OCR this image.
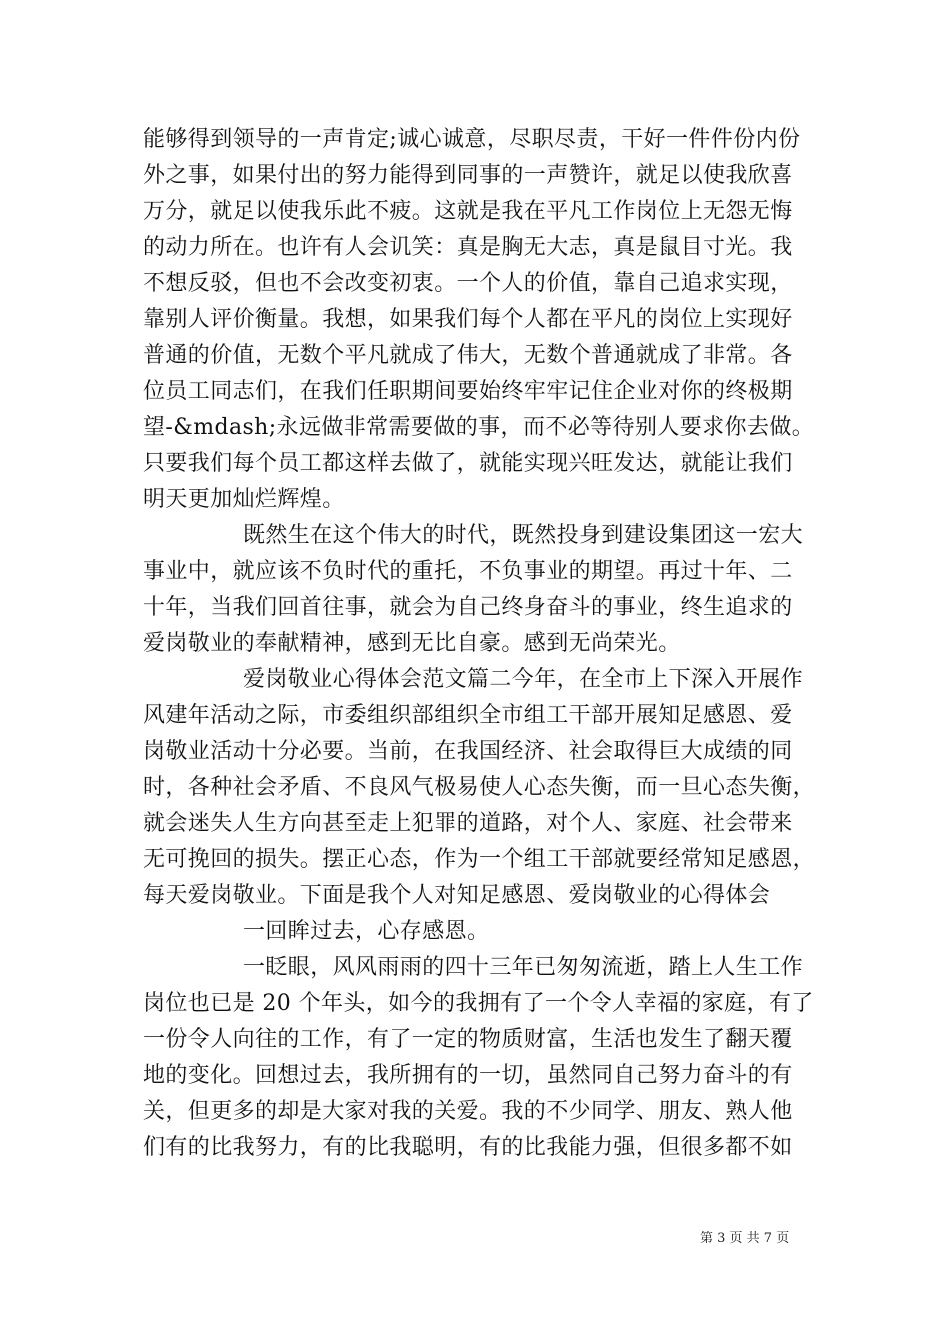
能够得到领导的一声肯定;诚心诚意，尽职尽责，干好一件件份内份
外之事，如果付出的努力能得到同事的一声赞许，就足以使我欣喜
万分，就足以使我乐此不疲。这就是我在平凡工作岗位上无怨无悔
的动力所在。也许有人会讥笑：真是胸无大志，真是鼠目寸光。我
不想反驳，但也不会改变初衷。一个人的价值，靠自己追求实现，
靠别人评价衡量。我想，如果我们每个人都在平凡的岗位上实现好
普通的价值，无数个平凡就成了伟大，无数个普通就成了非常。各
位员工同志们，在我们任职期间要始终牢牢记住企业对你的终极期
望-&mdash;永远做非常需要做的事，而不必等待别人要求你去做。
只要我们每个员工都这样去做了，就能实现兴旺发达，就能让我们
明天更加灿烂辉煌。
既然生在这个伟大的时代，既然投身到建设集团这一宏大
事业中，就应该不负时代的重托，不负事业的期望。再过十年、二
十年，当我们回首往事，就会为自己终身奋斗的事业，终生追求的
爱岗敬业的奉献精神，感到无比自豪。感到无尚荣光。
爱岗敬业心得体会范文篇二今年，在全市上下深入开展作
风建年活动之际，市委组织部组织全市组工干部开展知足感恩、爱
岗敬业活动十分必要。当前，在我国经济、社会取得巨大成绩的同
时，各种社会矛盾、不良风气极易使人心态失衡，而一旦心态失衡，
就会迷失人生方向甚至走上犯罪的道路，对个人、家庭、社会带来
无可挽回的损失。摆正心态，作为一个组工干部就要经常知足感恩，
每天爱岗敬业。下面是我个人对知足感恩、爱岗敬业的心得体会
一回眸过去，心存感恩。
一眨眼，风风雨雨的四十三年已匆匆流逝，踏上人生工作
岗位也已是 20 个年头，如今的我拥有了一个令人幸福的家庭，有了
一份令人向往的工作，有了一定的物质财富，生活也发生了翻天覆
地的变化。回想过去，我所拥有的一切，虽然同自己努力奋斗的有
关，但更多的却是大家对我的关爱。我的不少同学、朋友、熟人他
们有的比我努力，有的比我聪明，有的比我能力强，但很多都不如
第 3 页 共 7 页
